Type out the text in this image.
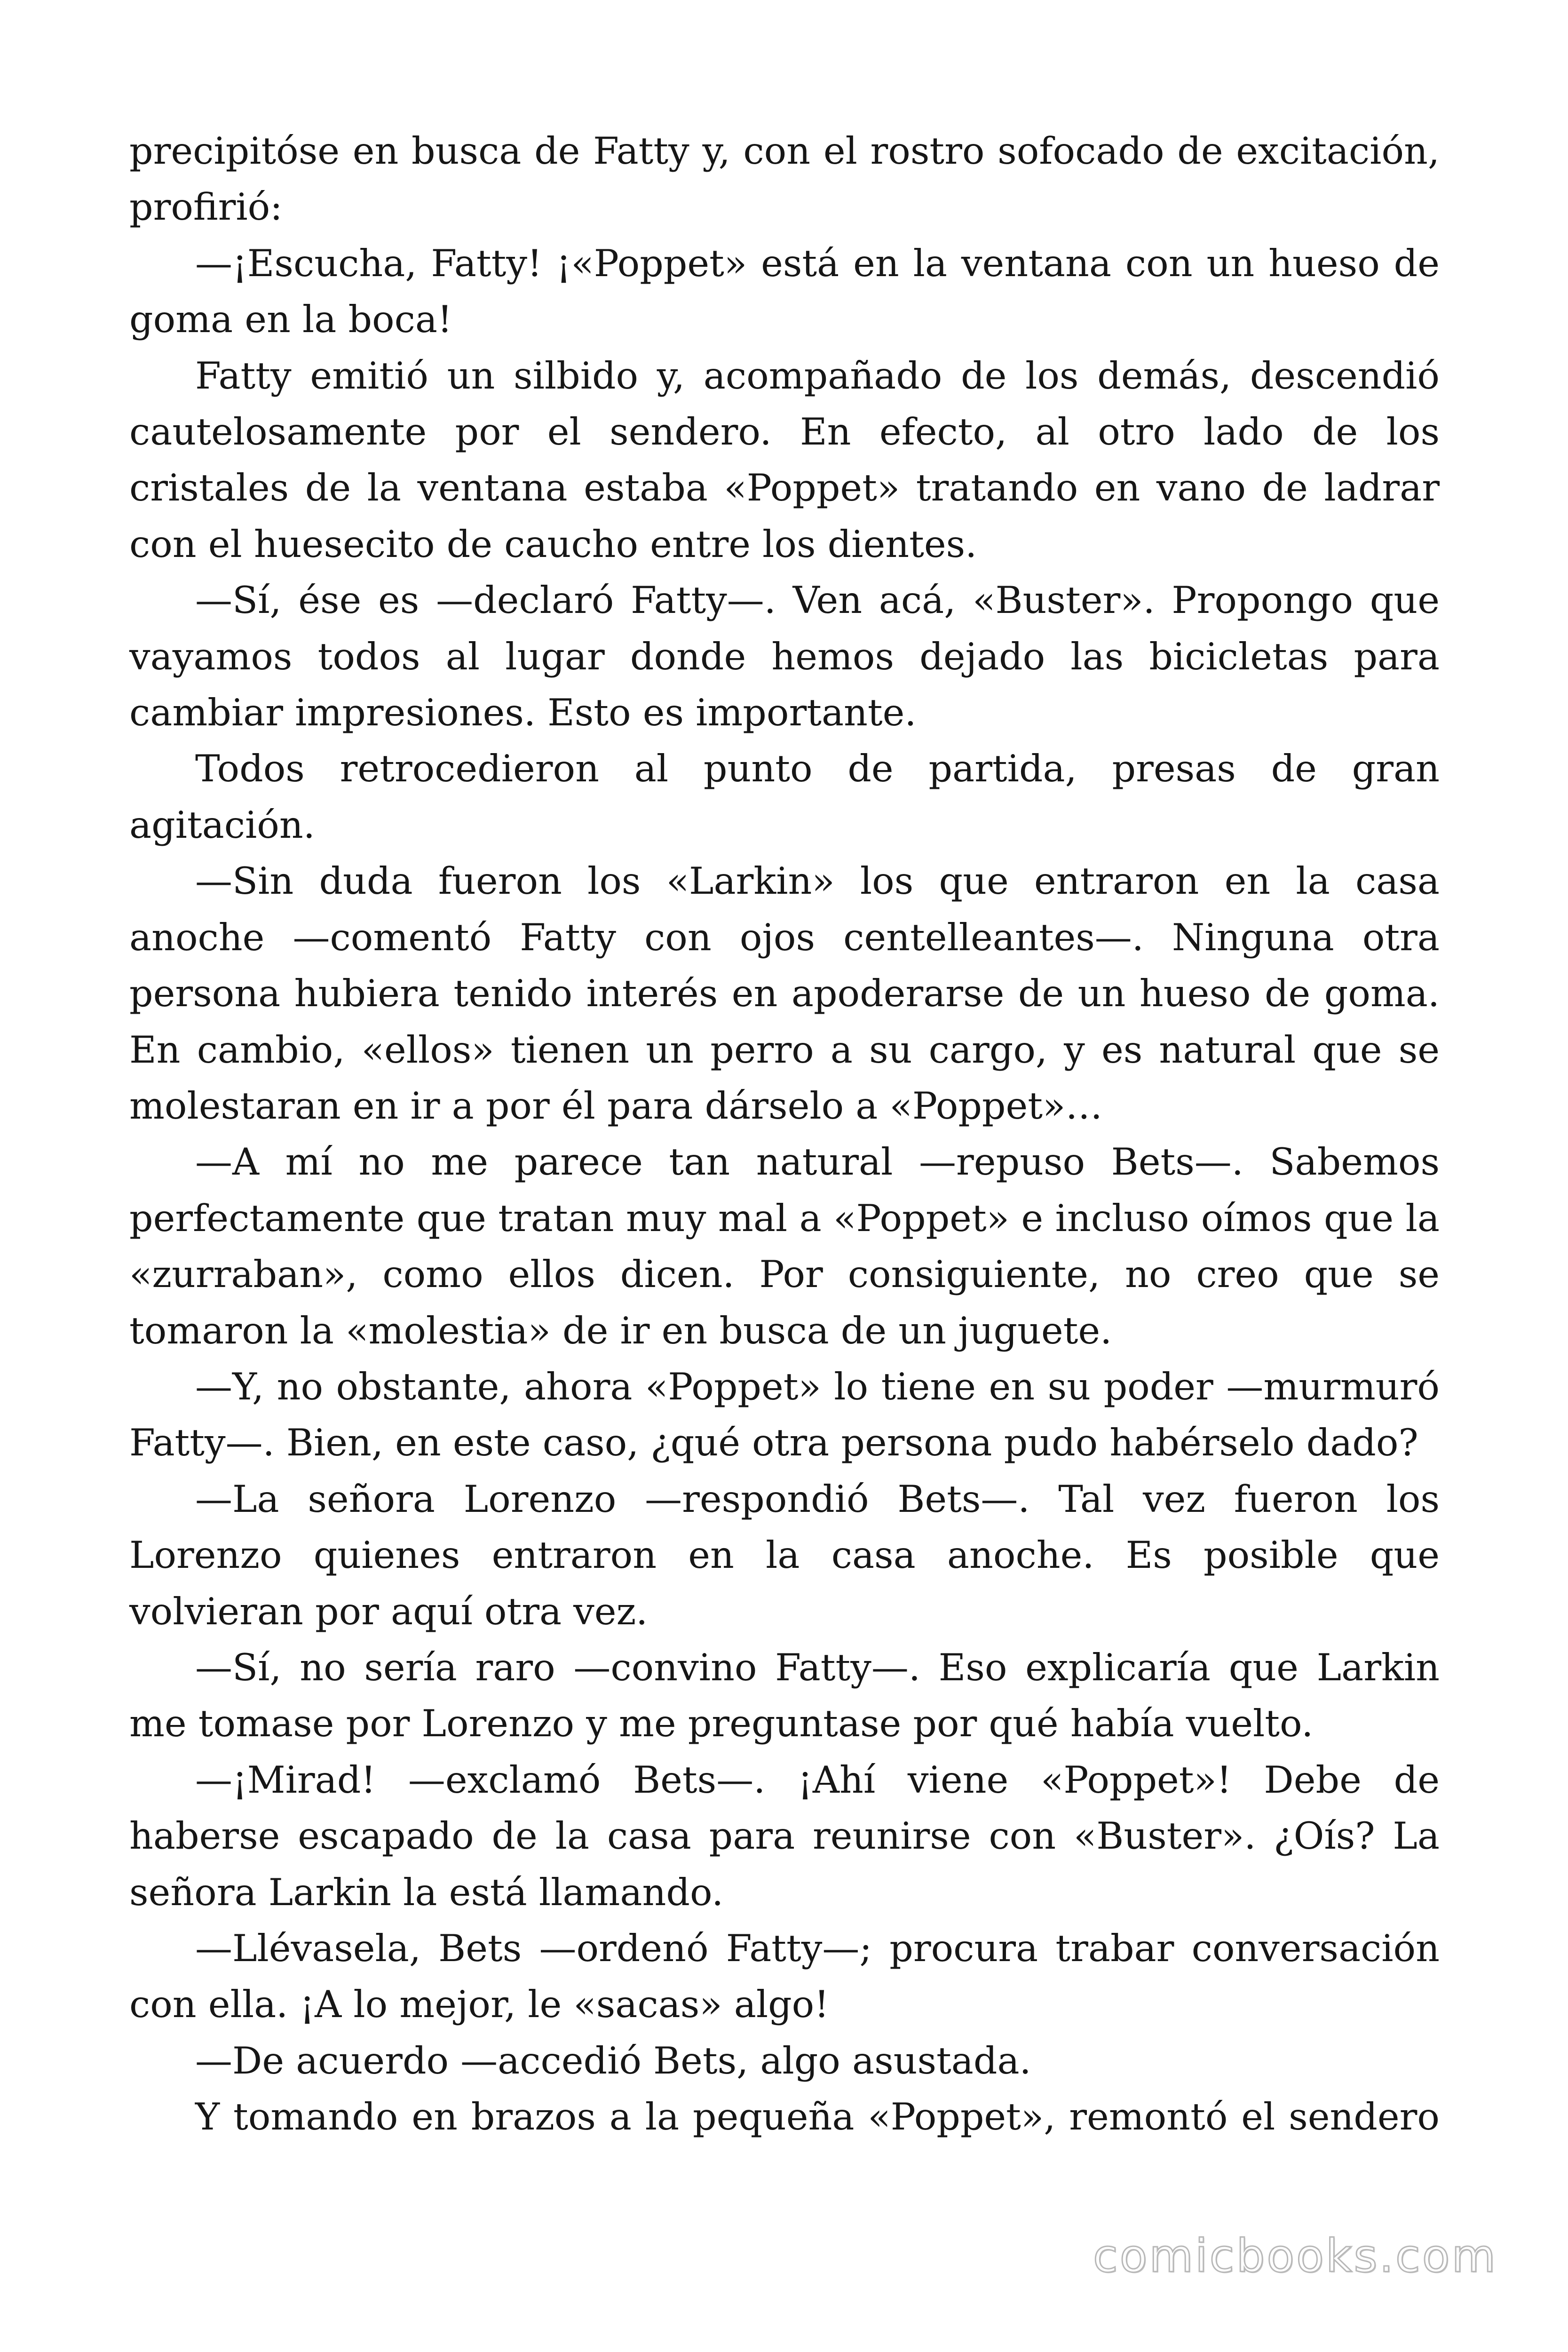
precipitóse en busca de Fatty y, con el rostro sofocado de excitación, profirió:

—¡Escucha, Fatty! ¡«Poppet» está en la ventana con un hueso de goma en la boca!

Fatty emitió un silbido y, acompañado de los demás, descendió cautelosamente por el sendero. En efecto, al otro lado de los cristales de la ventana estaba «Poppet» tratando en vano de ladrar con el huesecito de caucho entre los dientes.

—Sí, ése es —declaró Fatty—. Ven acá, «Buster». Propongo que vayamos todos al lugar donde hemos dejado las bicicletas para cambiar impresiones. Esto es importante.

Todos retrocedieron al punto de partida, presas de gran agitación.

—Sin duda fueron los «Larkin» los que entraron en la casa anoche —comentó Fatty con ojos centelleantes—. Ninguna otra persona hubiera tenido interés en apoderarse de un hueso de goma. En cambio, «ellos» tienen un perro a su cargo, y es natural que se molestaran en ir a por él para dárselo a «Poppet»…

—A mí no me parece tan natural —repuso Bets—. Sabemos perfectamente que tratan muy mal a «Poppet» e incluso oímos que la «zurraban», como ellos dicen. Por consiguiente, no creo que se tomaron la «molestia» de ir en busca de un juguete.

—Y, no obstante, ahora «Poppet» lo tiene en su poder —murmuró Fatty—. Bien, en este caso, ¿qué otra persona pudo habérselo dado?

—La señora Lorenzo —respondió Bets—. Tal vez fueron los Lorenzo quienes entraron en la casa anoche. Es posible que volvieran por aquí otra vez.

—Sí, no sería raro —convino Fatty—. Eso explicaría que Larkin me tomase por Lorenzo y me preguntase por qué había vuelto.

—¡Mirad! —exclamó Bets—. ¡Ahí viene «Poppet»! Debe de haberse escapado de la casa para reunirse con «Buster». ¿Oís? La señora Larkin la está llamando.

—Llévasela, Bets —ordenó Fatty—; procura trabar conversación con ella. ¡A lo mejor, le «sacas» algo!

—De acuerdo —accedió Bets, algo asustada.

Y tomando en brazos a la pequeña «Poppet», remontó el sendero

comicbooks.com
